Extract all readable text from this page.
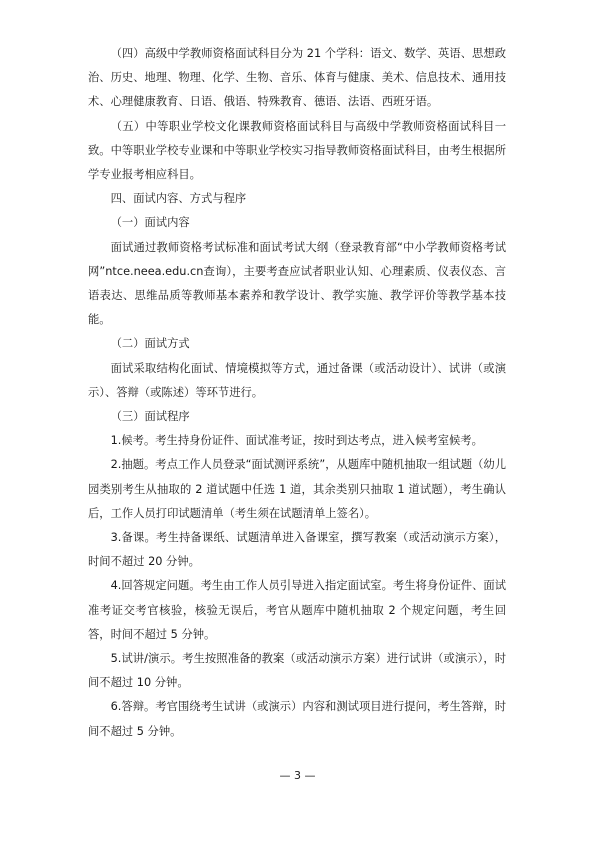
（四）高级中学教师资格面试科目分为 21 个学科：语文、数学、英语、思想政治、历史、地理、物理、化学、生物、音乐、体育与健康、美术、信息技术、通用技术、心理健康教育、日语、俄语、特殊教育、德语、法语、西班牙语。

（五）中等职业学校文化课教师资格面试科目与高级中学教师资格面试科目一致。中等职业学校专业课和中等职业学校实习指导教师资格面试科目，由考生根据所学专业报考相应科目。

四、面试内容、方式与程序

（一）面试内容

面试通过教师资格考试标准和面试考试大纲（登录教育部“中小学教师资格考试网”ntce.neea.edu.cn查询），主要考查应试者职业认知、心理素质、仪表仪态、言语表达、思维品质等教师基本素养和教学设计、教学实施、教学评价等教学基本技能。

（二）面试方式

面试采取结构化面试、情境模拟等方式，通过备课（或活动设计）、试讲（或演示）、答辩（或陈述）等环节进行。

（三）面试程序

1.候考。考生持身份证件、面试准考证，按时到达考点，进入候考室候考。

2.抽题。考点工作人员登录“面试测评系统”，从题库中随机抽取一组试题（幼儿园类别考生从抽取的 2 道试题中任选 1 道，其余类别只抽取 1 道试题），考生确认后，工作人员打印试题清单（考生须在试题清单上签名）。

3.备课。考生持备课纸、试题清单进入备课室，撰写教案（或活动演示方案），时间不超过 20 分钟。

4.回答规定问题。考生由工作人员引导进入指定面试室。考生将身份证件、面试准考证交考官核验，核验无误后，考官从题库中随机抽取 2 个规定问题，考生回答，时间不超过 5 分钟。

5.试讲/演示。考生按照准备的教案（或活动演示方案）进行试讲（或演示），时间不超过 10 分钟。

6.答辩。考官围绕考生试讲（或演示）内容和测试项目进行提问，考生答辩，时间不超过 5 分钟。

— 3 —
